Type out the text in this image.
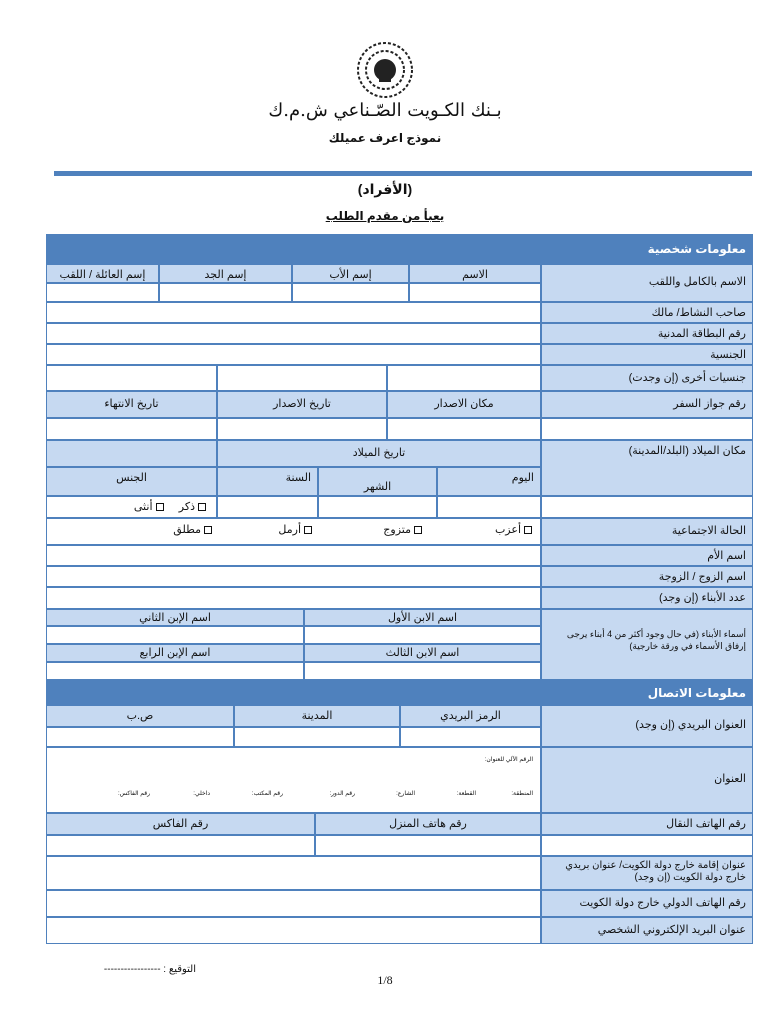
بـنك الكـويت الصّـناعي ش.م.ك
نموذج اعرف عميلك
(الأفراد)
يعبأ من مقدم الطلب
معلومات شخصية
الاسم بالكامل واللقب
الاسم
إسم الأب
إسم الجد
إسم العائلة / اللقب
صاحب النشاط/ مالك
رقم البطاقة المدنية
الجنسية
جنسيات أخرى (إن وجدت)
رقم جواز السفر
مكان الاصدار
تاريخ الاصدار
تاريخ الانتهاء
مكان الميلاد (البلد/المدينة)
تاريخ الميلاد
اليوم
الشهر
السنة
الجنس
ذكر     أنثى
الحالة الاجتماعية
أعزب
متزوج
أرمل
مطلق
اسم الأم
اسم الزوج / الزوجة
عدد الأبناء (إن وجد)
أسماء الأبناء (في حال وجود أكثر من 4 أبناء يرجى إرفاق الأسماء في ورقة خارجية)
اسم الابن الأول
اسم الإبن الثاني
اسم الابن الثالث
اسم الإبن الرابع
معلومات الاتصال
العنوان البريدي (إن وجد)
الرمز البريدي
المدينة
ص.ب
العنوان
الرقم الآلي للعنوان:
المنطقة:
القطعة:
الشارع:
رقم الدور:
رقم المكتب:
داخلي:
رقم الفاكس:
رقم الهاتف النقال
رقم هاتف المنزل
رقم الفاكس
عنوان إقامة خارج دولة الكويت/ عنوان بريدي خارج دولة الكويت (إن وجد)
رقم الهاتف الدولي خارج دولة الكويت
عنوان البريد الإلكتروني الشخصي
التوقيع : -----------------
1/8
